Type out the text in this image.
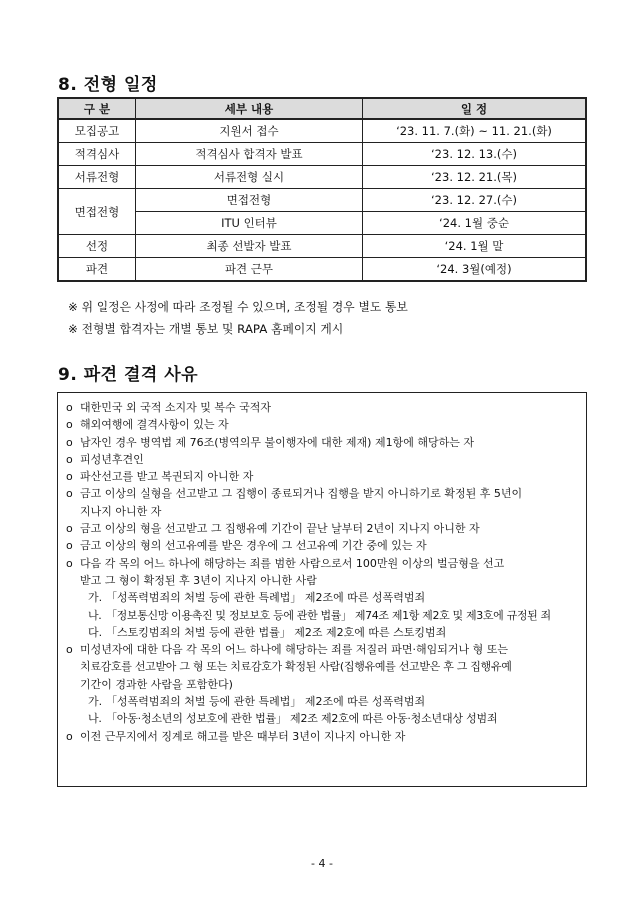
8. 전형 일정
구 분	세부 내용	일 정
모집공고	지원서 접수	‘23. 11. 7.(화) ~ 11. 21.(화)
적격심사	적격심사 합격자 발표	‘23. 12. 13.(수)
서류전형	서류전형 실시	‘23. 12. 21.(목)
면접전형	면접전형	‘23. 12. 27.(수)
	ITU 인터뷰	‘24. 1월 중순
선정	최종 선발자 발표	‘24. 1월 말
파견	파견 근무	‘24. 3월(예정)
※ 위 일정은 사정에 따라 조정될 수 있으며, 조정될 경우 별도 통보
※ 전형별 합격자는 개별 통보 및 RAPA 홈페이지 게시
9. 파견 결격 사유
o 대한민국 외 국적 소지자 및 복수 국적자
o 해외여행에 결격사항이 있는 자
o 남자인 경우 병역법 제 76조(병역의무 불이행자에 대한 제재) 제1항에 해당하는 자
o 피성년후견인
o 파산선고를 받고 복권되지 아니한 자
o 금고 이상의 실형을 선고받고 그 집행이 종료되거나 집행을 받지 아니하기로 확정된 후 5년이
지나지 아니한 자
o 금고 이상의 형을 선고받고 그 집행유예 기간이 끝난 날부터 2년이 지나지 아니한 자
o 금고 이상의 형의 선고유예를 받은 경우에 그 선고유예 기간 중에 있는 자
o 다음 각 목의 어느 하나에 해당하는 죄를 범한 사람으로서 100만원 이상의 벌금형을 선고
받고 그 형이 확정된 후 3년이 지나지 아니한 사람
가. 「성폭력범죄의 처벌 등에 관한 특례법」 제2조에 따른 성폭력범죄
나. 「정보통신망 이용촉진 및 정보보호 등에 관한 법률」 제74조 제1항 제2호 및 제3호에 규정된 죄
다. 「스토킹범죄의 처벌 등에 관한 법률」 제2조 제2호에 따른 스토킹범죄
o 미성년자에 대한 다음 각 목의 어느 하나에 해당하는 죄를 저질러 파면·해임되거나 형 또는
치료감호를 선고받아 그 형 또는 치료감호가 확정된 사람(집행유예를 선고받은 후 그 집행유예
기간이 경과한 사람을 포함한다)
가. 「성폭력범죄의 처벌 등에 관한 특례법」 제2조에 따른 성폭력범죄
나. 「아동·청소년의 성보호에 관한 법률」 제2조 제2호에 따른 아동·청소년대상 성범죄
o 이전 근무지에서 징계로 해고를 받은 때부터 3년이 지나지 아니한 자
- 4 -
